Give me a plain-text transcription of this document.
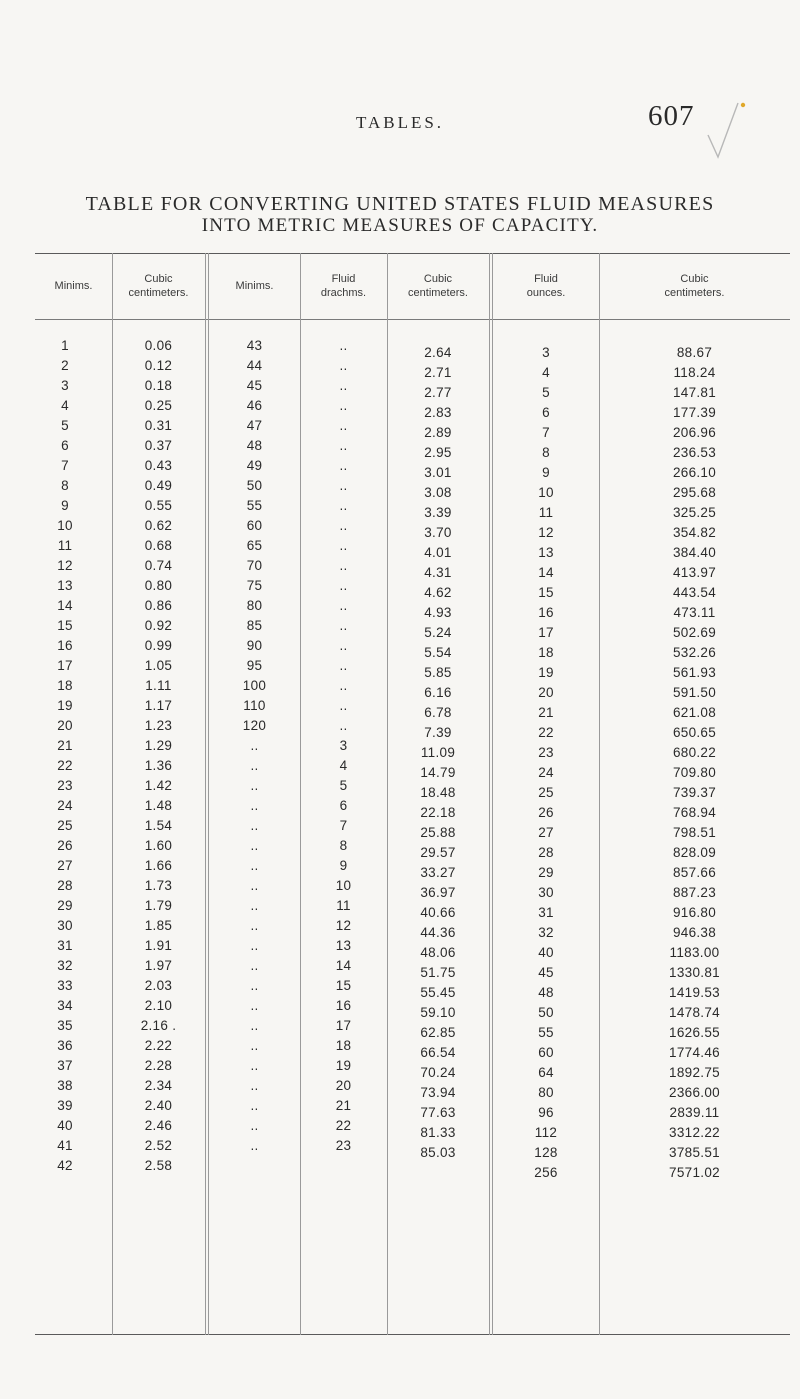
TABLES.	607
TABLE FOR CONVERTING UNITED STATES FLUID MEASURES
INTO METRIC MEASURES OF CAPACITY.
Minims.
Cubic
centimeters.
Minims.
Fluid
drachms.
Cubic
centimeters.
Fluid
ounces.
Cubic
centimeters.
1
2
3
4
5
6
7
8
9
10
11
12
13
14
15
16
17
18
19
20
21
22
23
24
25
26
27
28
29
30
31
32
33
34
35
36
37
38
39
40
41
42
0.06
0.12
0.18
0.25
0.31
0.37
0.43
0.49
0.55
0.62
0.68
0.74
0.80
0.86
0.92
0.99
1.05
1.11
1.17
1.23
1.29
1.36
1.42
1.48
1.54
1.60
1.66
1.73
1.79
1.85
1.91
1.97
2.03
2.10
2.16 .
2.22
2.28
2.34
2.40
2.46
2.52
2.58
43
44
45
46
47
48
49
50
55
60
65
70
75
80
85
90
95
100
110
120
..
..
..
..
..
..
..
..
..
..
..
..
..
..
..
..
..
..
..
..
..
..
..
..
..
..
..
..
..
..
..
..
..
..
..
..
..
..
..
..
..
3
4
5
6
7
8
9
10
11
12
13
14
15
16
17
18
19
20
21
22
23
2.64
2.71
2.77
2.83
2.89
2.95
3.01
3.08
3.39
3.70
4.01
4.31
4.62
4.93
5.24
5.54
5.85
6.16
6.78
7.39
11.09
14.79
18.48
22.18
25.88
29.57
33.27
36.97
40.66
44.36
48.06
51.75
55.45
59.10
62.85
66.54
70.24
73.94
77.63
81.33
85.03
3
4
5
6
7
8
9
10
11
12
13
14
15
16
17
18
19
20
21
22
23
24
25
26
27
28
29
30
31
32
40
45
48
50
55
60
64
80
96
112
128
256
88.67
118.24
147.81
177.39
206.96
236.53
266.10
295.68
325.25
354.82
384.40
413.97
443.54
473.11
502.69
532.26
561.93
591.50
621.08
650.65
680.22
709.80
739.37
768.94
798.51
828.09
857.66
887.23
916.80
946.38
1183.00
1330.81
1419.53
1478.74
1626.55
1774.46
1892.75
2366.00
2839.11
3312.22
3785.51
7571.02
